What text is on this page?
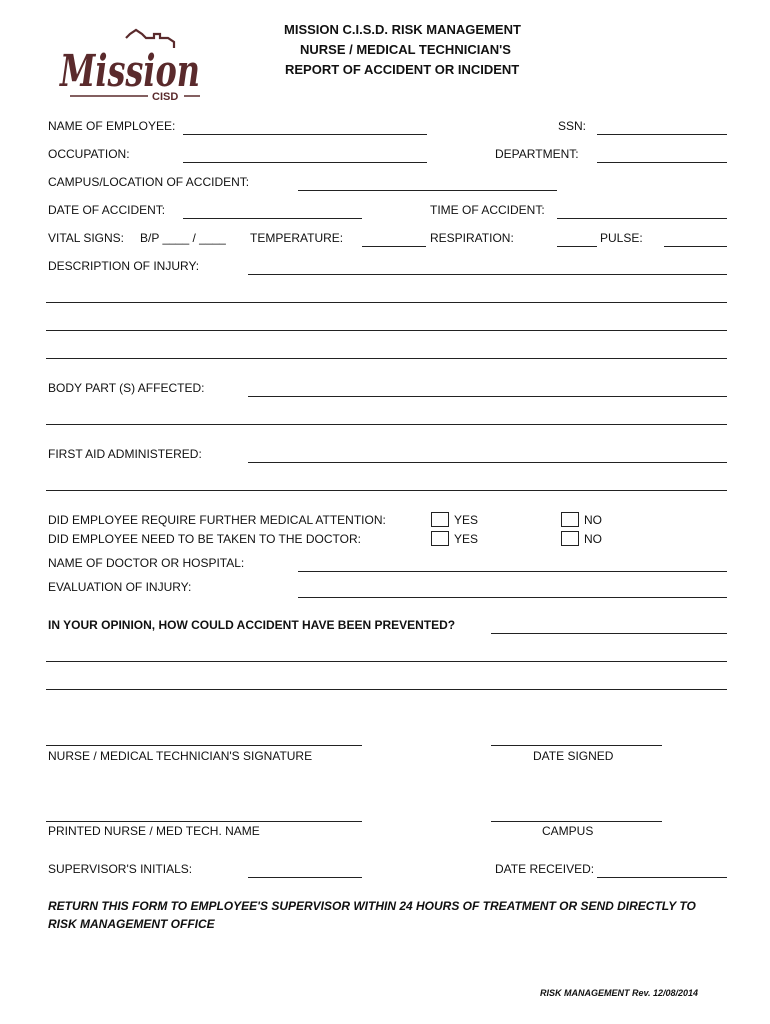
Mission
CISD
MISSION C.I.S.D. RISK MANAGEMENT
NURSE / MEDICAL TECHNICIAN'S
REPORT OF ACCIDENT OR INCIDENT
NAME OF EMPLOYEE:	SSN:
OCCUPATION:	DEPARTMENT:
CAMPUS/LOCATION OF ACCIDENT:
DATE OF ACCIDENT:	TIME OF ACCIDENT:
VITAL SIGNS: B/P ____ / ____ TEMPERATURE:	RESPIRATION:	PULSE:
DESCRIPTION OF INJURY:
BODY PART (S) AFFECTED:
FIRST AID ADMINISTERED:
DID EMPLOYEE REQUIRE FURTHER MEDICAL ATTENTION:	YES	NO
DID EMPLOYEE NEED TO BE TAKEN TO THE DOCTOR:	YES	NO
NAME OF DOCTOR OR HOSPITAL:
EVALUATION OF INJURY:
IN YOUR OPINION, HOW COULD ACCIDENT HAVE BEEN PREVENTED?
NURSE / MEDICAL TECHNICIAN'S SIGNATURE	DATE SIGNED
PRINTED NURSE / MED TECH. NAME	CAMPUS
SUPERVISOR'S INITIALS:	DATE RECEIVED:
RETURN THIS FORM TO EMPLOYEE'S SUPERVISOR WITHIN 24 HOURS OF TREATMENT OR SEND DIRECTLY TO
RISK MANAGEMENT OFFICE
RISK MANAGEMENT Rev. 12/08/2014
